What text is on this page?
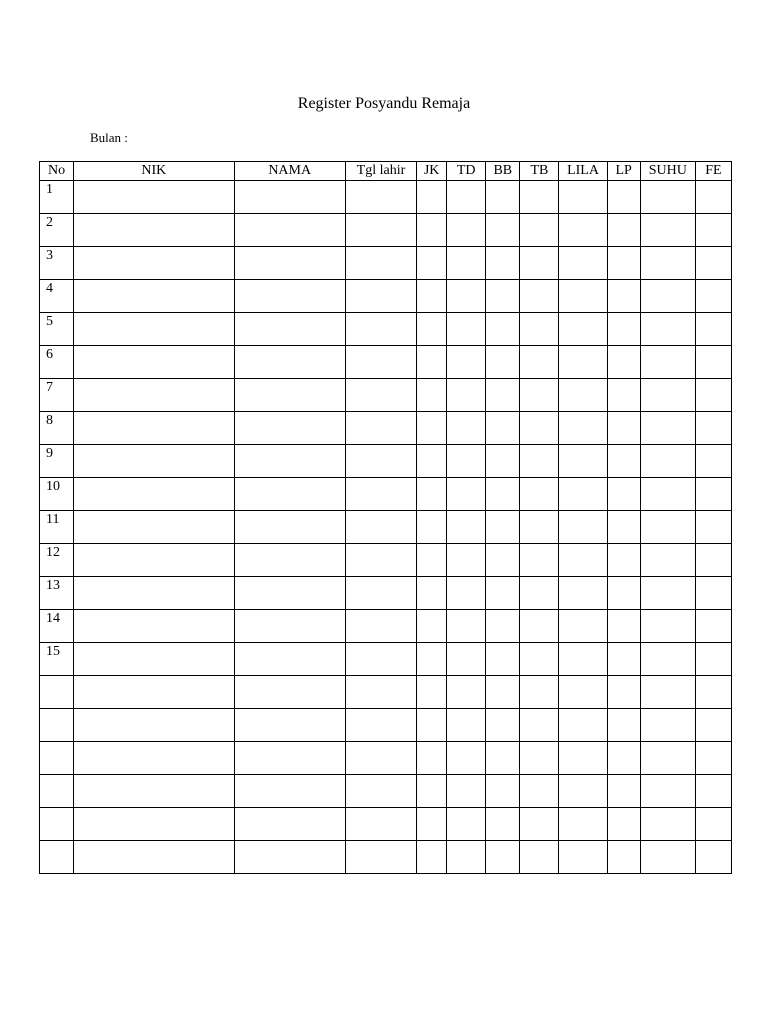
Register Posyandu Remaja
Bulan :
No	NIK	NAMA	Tgl lahir	JK	TD	BB	TB	LILA	LP	SUHU	FE
1											
2											
3											
4											
5											
6											
7											
8											
9											
10											
11											
12											
13											
14											
15											
